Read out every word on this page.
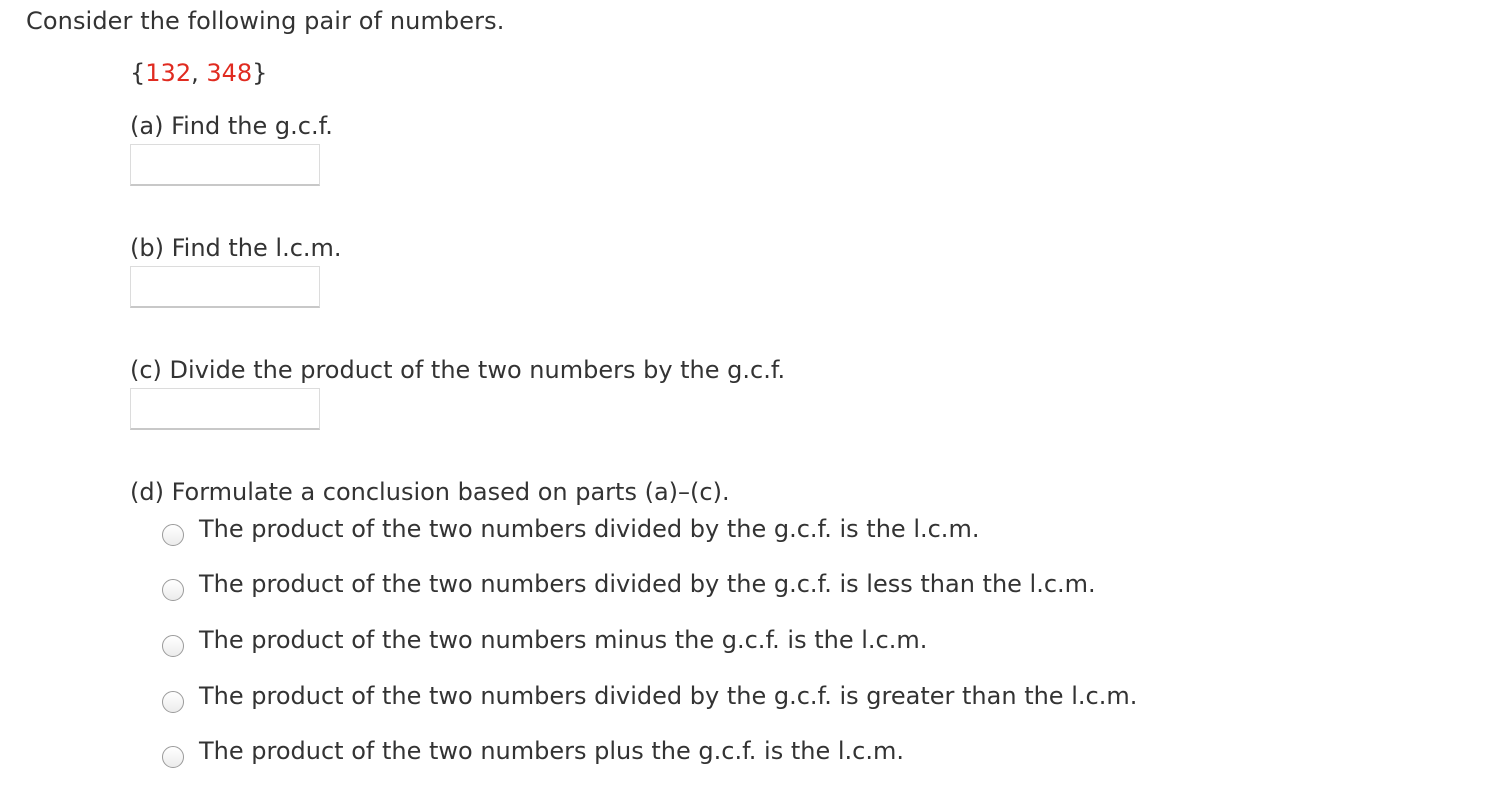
Consider the following pair of numbers.
{132, 348}
(a) Find the g.c.f.
(b) Find the l.c.m.
(c) Divide the product of the two numbers by the g.c.f.
(d) Formulate a conclusion based on parts (a)–(c).
The product of the two numbers divided by the g.c.f. is the l.c.m.
The product of the two numbers divided by the g.c.f. is less than the l.c.m.
The product of the two numbers minus the g.c.f. is the l.c.m.
The product of the two numbers divided by the g.c.f. is greater than the l.c.m.
The product of the two numbers plus the g.c.f. is the l.c.m.
